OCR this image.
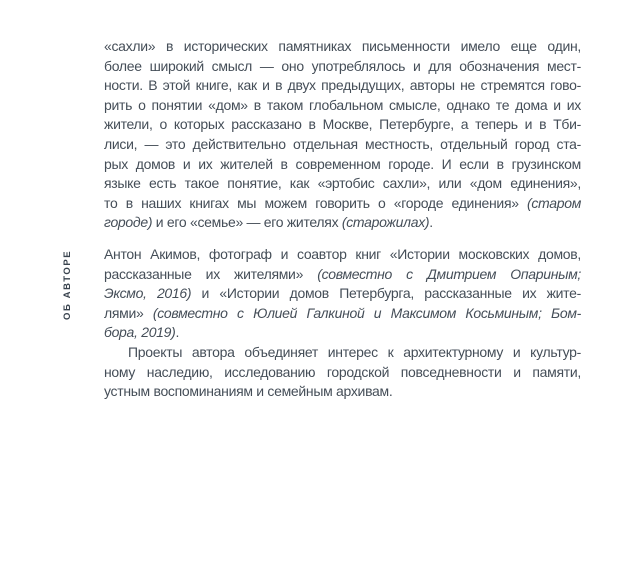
ОБ АВТОРЕ
«сахли» в исторических памятниках письменности имело еще один,
более широкий смысл — оно употреблялось и для обозначения мест-
ности. В этой книге, как и в двух предыдущих, авторы не стремятся гово-
рить о понятии «дом» в таком глобальном смысле, однако те дома и их
жители, о которых рассказано в Москве, Петербурге, а теперь и в Тби-
лиси, — это действительно отдельная местность, отдельный город ста-
рых домов и их жителей в современном городе. И если в грузинском
языке есть такое понятие, как «эртобис сахли», или «дом единения»,
то в наших книгах мы можем говорить о «городе единения» (старом
городе) и его «семье» — его жителях (старожилах).
Антон Акимов, фотограф и соавтор книг «Истории московских домов,
рассказанные их жителями» (совместно с Дмитрием Опариным;
Эксмо, 2016) и «Истории домов Петербурга, рассказанные их жите-
лями» (совместно с Юлией Галкиной и Максимом Косьминым; Бом-
бора, 2019).
Проекты автора объединяет интерес к архитектурному и культур-
ному наследию, исследованию городской повседневности и памяти,
устным воспоминаниям и семейным архивам.
